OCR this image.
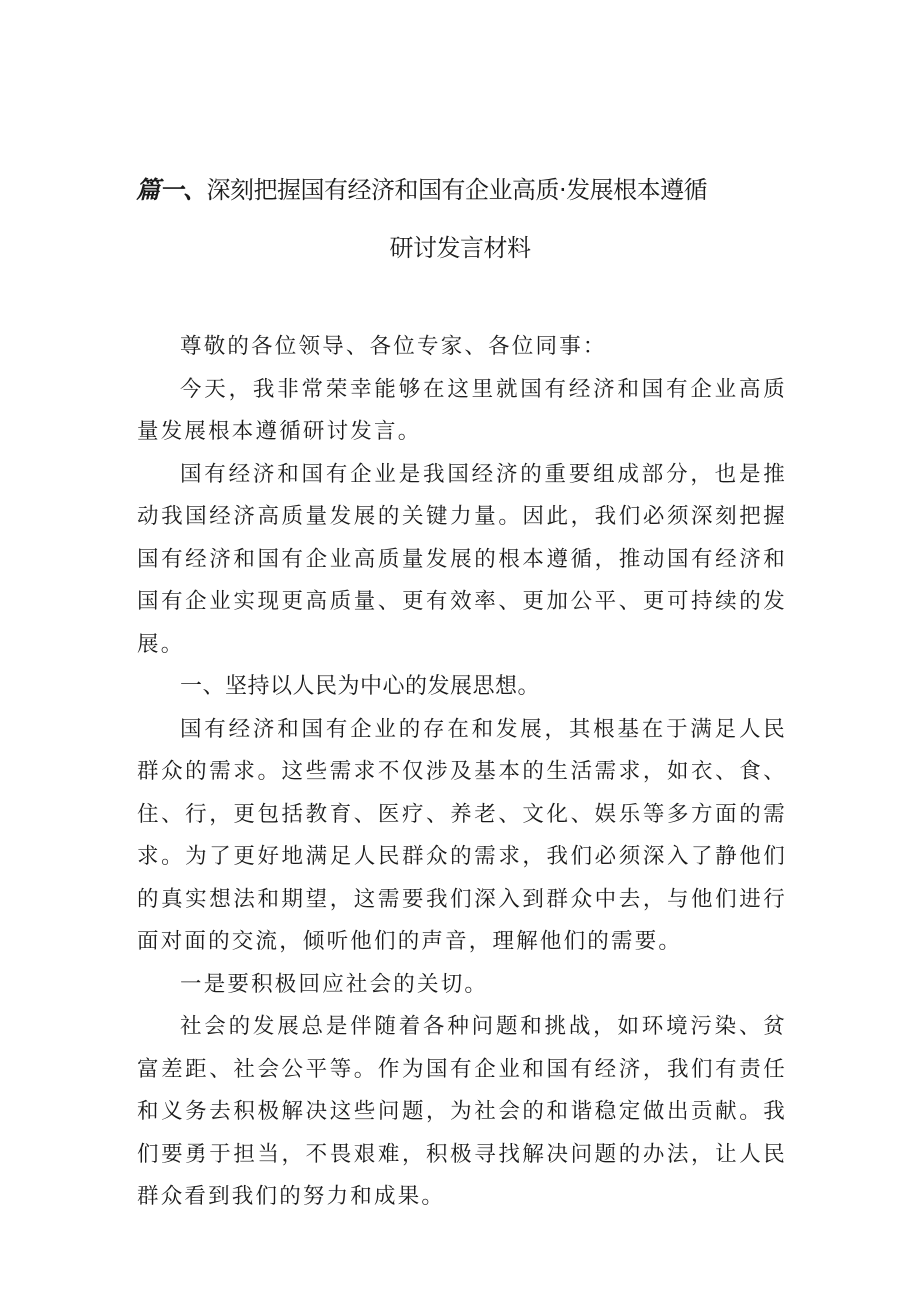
篇一、深刻把握国有经济和国有企业高质·发展根本遵循
研讨发言材料

尊敬的各位领导、各位专家、各位同事：

今天，我非常荣幸能够在这里就国有经济和国有企业高质量发展根本遵循研讨发言。

国有经济和国有企业是我国经济的重要组成部分，也是推动我国经济高质量发展的关键力量。因此，我们必须深刻把握国有经济和国有企业高质量发展的根本遵循，推动国有经济和国有企业实现更高质量、更有效率、更加公平、更可持续的发展。

一、坚持以人民为中心的发展思想。

国有经济和国有企业的存在和发展，其根基在于满足人民群众的需求。这些需求不仅涉及基本的生活需求，如衣、食、住、行，更包括教育、医疗、养老、文化、娱乐等多方面的需求。为了更好地满足人民群众的需求，我们必须深入了静他们的真实想法和期望，这需要我们深入到群众中去，与他们进行面对面的交流，倾听他们的声音，理解他们的需要。

一是要积极回应社会的关切。

社会的发展总是伴随着各种问题和挑战，如环境污染、贫富差距、社会公平等。作为国有企业和国有经济，我们有责任和义务去积极解决这些问题，为社会的和谐稳定做出贡献。我们要勇于担当，不畏艰难，积极寻找解决问题的办法，让人民群众看到我们的努力和成果。
